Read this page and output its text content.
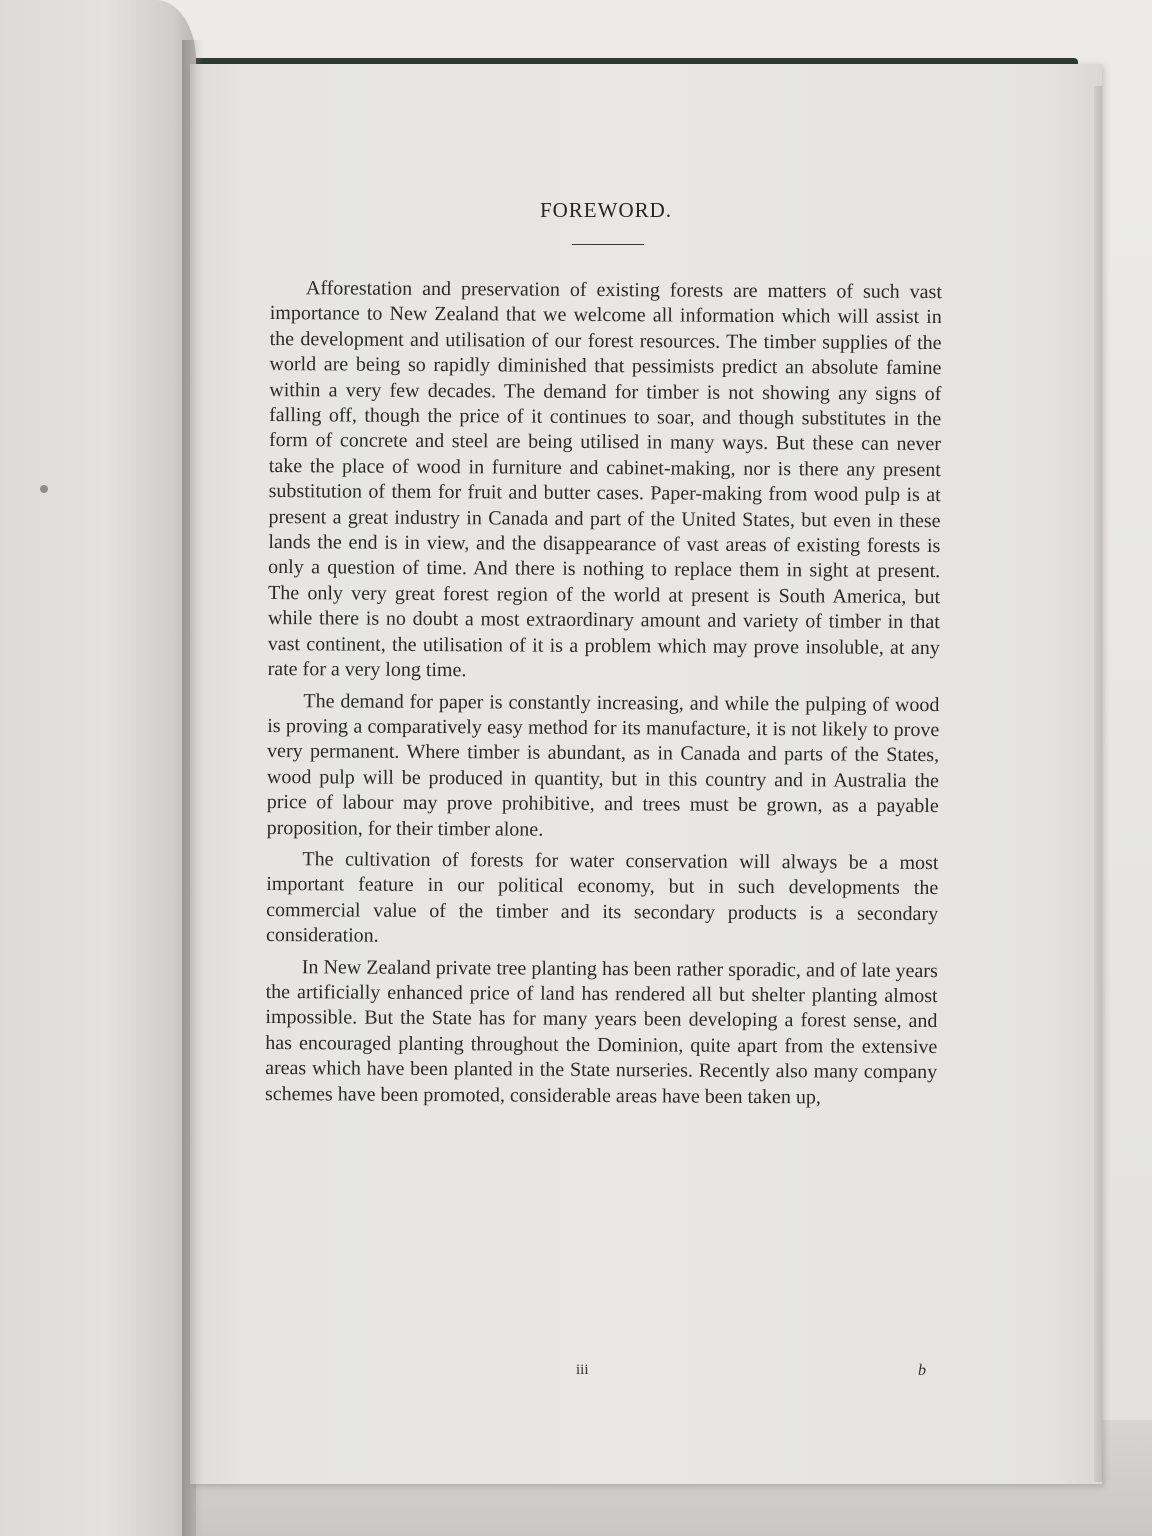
FOREWORD.

Afforestation and preservation of existing forests are matters of such vast importance to New Zealand that we welcome all information which will assist in the development and utilisation of our forest resources. The timber supplies of the world are being so rapidly diminished that pessimists predict an absolute famine within a very few decades. The demand for timber is not showing any signs of falling off, though the price of it continues to soar, and though substitutes in the form of concrete and steel are being utilised in many ways. But these can never take the place of wood in furniture and cabinet-making, nor is there any present substitution of them for fruit and butter cases. Paper-making from wood pulp is at present a great industry in Canada and part of the United States, but even in these lands the end is in view, and the disappearance of vast areas of existing forests is only a question of time. And there is nothing to replace them in sight at present. The only very great forest region of the world at present is South America, but while there is no doubt a most extraordinary amount and variety of timber in that vast continent, the utilisation of it is a problem which may prove insoluble, at any rate for a very long time.

The demand for paper is constantly increasing, and while the pulping of wood is proving a comparatively easy method for its manufacture, it is not likely to prove very permanent. Where timber is abundant, as in Canada and parts of the States, wood pulp will be produced in quantity, but in this country and in Australia the price of labour may prove prohibitive, and trees must be grown, as a payable proposition, for their timber alone.

The cultivation of forests for water conservation will always be a most important feature in our political economy, but in such developments the commercial value of the timber and its secondary products is a secondary consideration.

In New Zealand private tree planting has been rather sporadic, and of late years the artificially enhanced price of land has rendered all but shelter planting almost impossible. But the State has for many years been developing a forest sense, and has encouraged planting throughout the Dominion, quite apart from the extensive areas which have been planted in the State nurseries. Recently also many company schemes have been promoted, considerable areas have been taken up,

iii	b
